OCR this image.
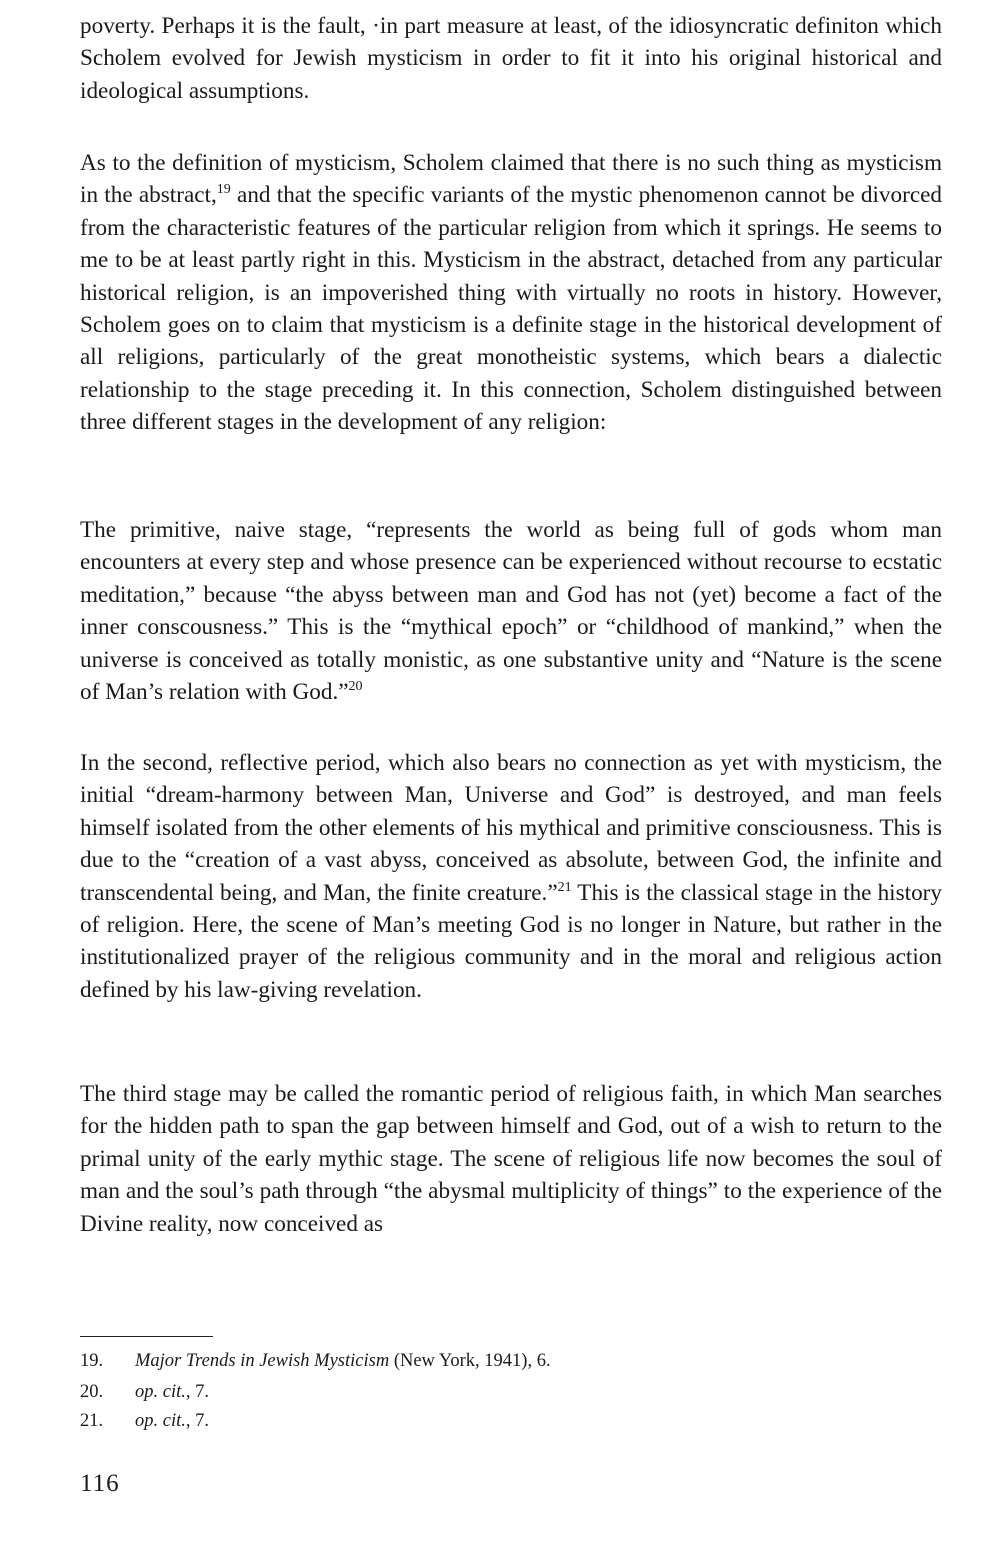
poverty. Perhaps it is the fault, ·in part measure at least, of the idiosyncratic definiton which Scholem evolved for Jewish mysticism in order to fit it into his original historical and ideological assumptions.

As to the definition of mysticism, Scholem claimed that there is no such thing as mysticism in the abstract,$^{19}$ and that the specific variants of the mystic phenomenon cannot be divorced from the characteristic features of the particular religion from which it springs. He seems to me to be at least partly right in this. Mysticism in the abstract, detached from any particular historical religion, is an impoverished thing with virtually no roots in history. However, Scholem goes on to claim that mysticism is a definite stage in the historical development of all religions, particularly of the great monotheistic systems, which bears a dialectic relationship to the stage preceding it. In this connection, Scholem distinguished between three different stages in the development of any religion:

The primitive, naive stage, “represents the world as being full of gods whom man encounters at every step and whose presence can be experienced without recourse to ecstatic meditation,” because “the abyss between man and God has not (yet) become a fact of the inner conscousness.” This is the “mythical epoch” or “childhood of mankind,” when the universe is conceived as totally monistic, as one substantive unity and “Nature is the scene of Man’s relation with God.”$^{20}$

In the second, reflective period, which also bears no connection as yet with mysticism, the initial “dream-harmony between Man, Universe and God” is destroyed, and man feels himself isolated from the other elements of his mythical and primitive consciousness. This is due to the “creation of a vast abyss, conceived as absolute, between God, the infinite and transcendental being, and Man, the finite creature.”$^{21}$ This is the classical stage in the history of religion. Here, the scene of Man’s meeting God is no longer in Nature, but rather in the institutionalized prayer of the religious community and in the moral and religious action defined by his law-giving revelation.

The third stage may be called the romantic period of religious faith, in which Man searches for the hidden path to span the gap between himself and God, out of a wish to return to the primal unity of the early mythic stage. The scene of religious life now becomes the soul of man and the soul’s path through “the abysmal multiplicity of things” to the experience of the Divine reality, now conceived as

19. Major Trends in Jewish Mysticism (New York, 1941), 6.
20. op. cit., 7.
21. op. cit., 7.
116
